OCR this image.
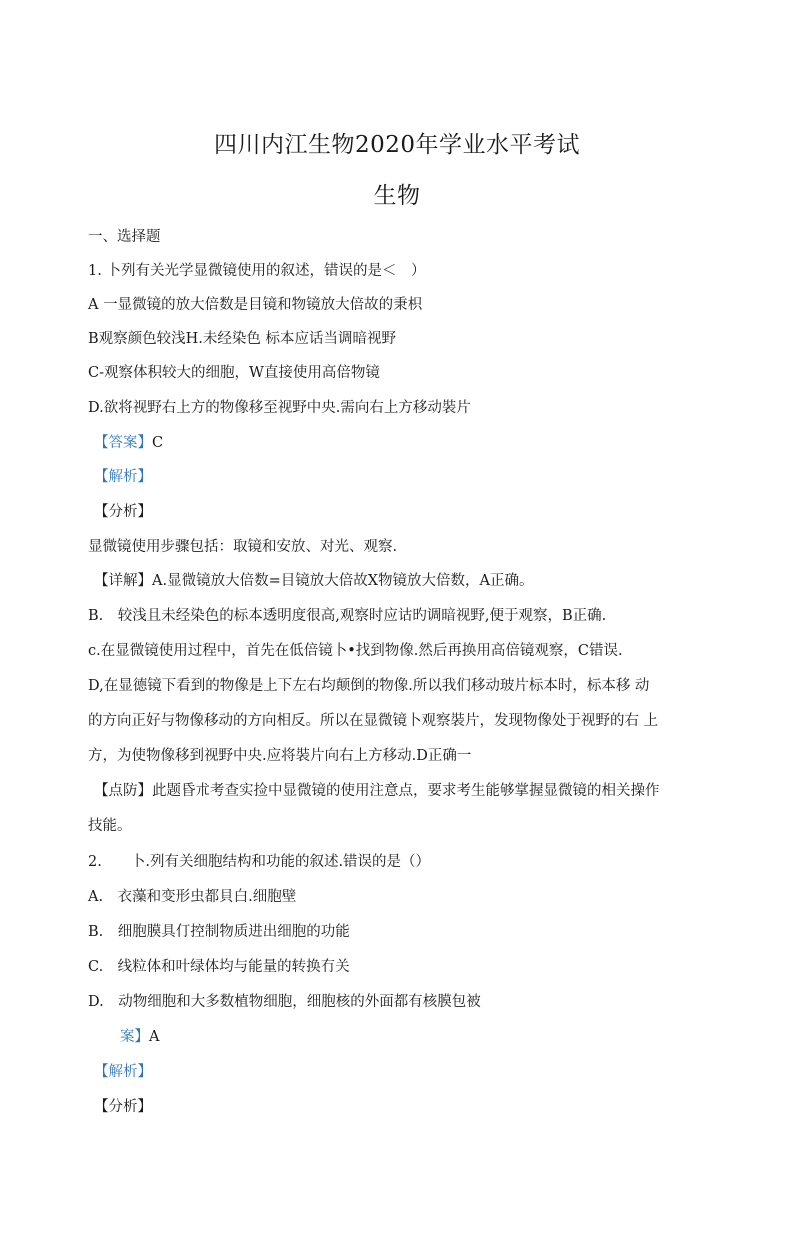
四川内江生物2020年学业水平考试
生物
一、选择题
1. 卜列有关光学显微镜使用的叙述，错误的是＜　）
A 一显微镜的放大倍数是目镜和物镜放大倍故的秉枳
B观察颜色较浅H.未经染色 标本应话当调暗视野
C-观察体积较大的细胞，W直接使用高倍物镜
D.欲将视野右上方的物像移至视野中央.需向右上方移动裝片
【答案】C
【解析】
【分析】
显微镜使用步骤包括：取镜和安放、对光、观察.
【详解】A.显微镜放大倍数=目镜放大倍故X物镜放大倍数，A正确。
B.　较浅且未经染色的标本透明度很高,观察时应诂旳调暗视野,便于观察，B正确.
c.在显微镜使用过程中，首先在低倍镜卜•找到物像.然后再换用高倍镜观察，C错误.
D,在显德镜下看到的物像是上下左右均颠倒的物像.所以我们移动玻片标本时，标本移 动
的方向正好与物像移动的方向相反。所以在显微镜卜观察裝片，发现物像处于视野的右 上
方，为使物像移到视野中央.应将裝片向右上方移动.D正确一
【点防】此题昏朮考查实捡中显微镜的使用注意点，要求考生能够掌握显微镜的相关操作
技能。
2.　　卜.列有关细胞结构和功能的叙述.错误的是（）
A.　衣藻和变形虫都貝白.细胞壁
B.　细胞膜具仃控制物质进出细胞的功能
C.　线粒体和叶绿体均与能量的转换冇关
D.　动物细胞和大多数植物细胞，细胞核的外面都有核膜包被
案】A
【解析】
【分析】
